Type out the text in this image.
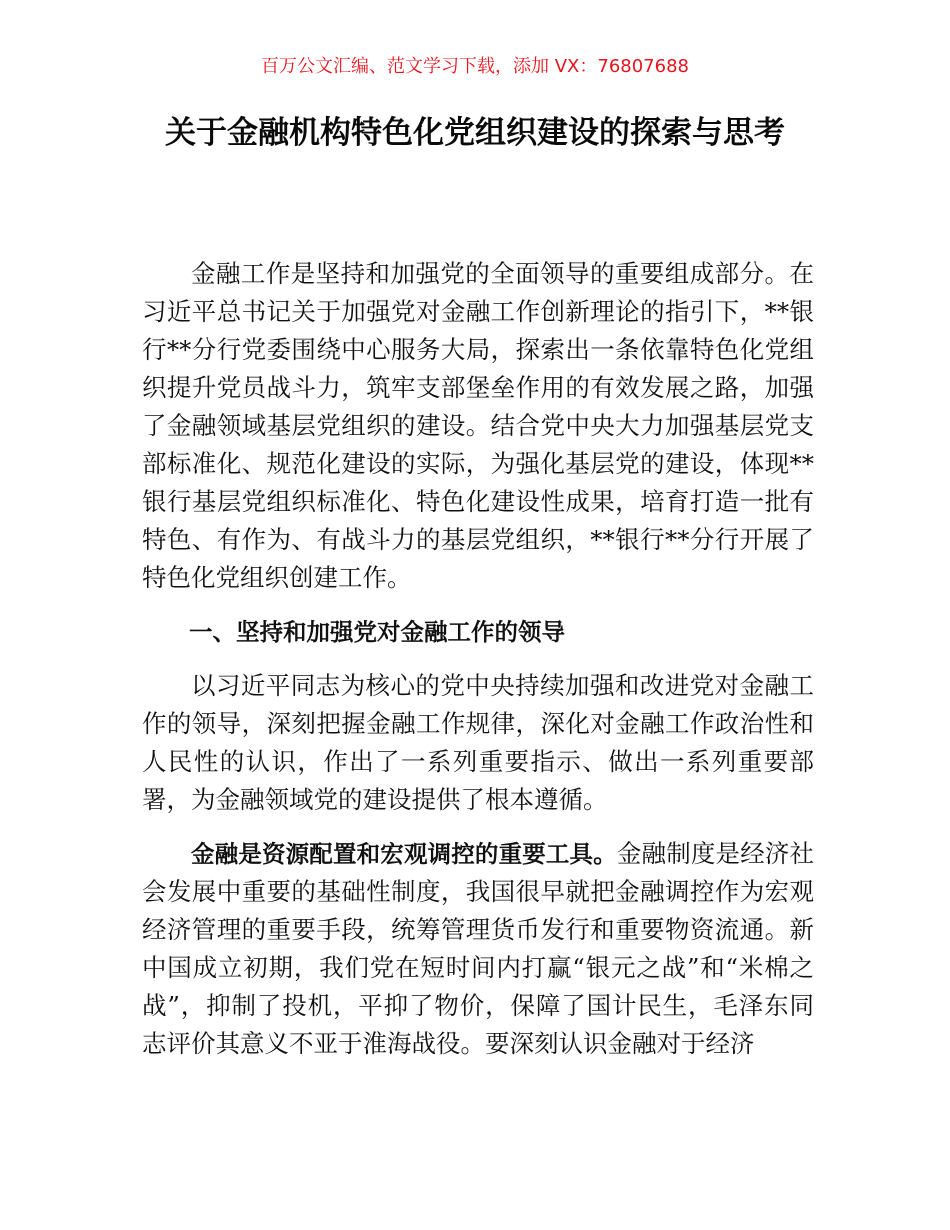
百万公文汇编、范文学习下载，添加 VX：76807688
关于金融机构特色化党组织建设的探索与思考

金融工作是坚持和加强党的全面领导的重要组成部分。在习近平总书记关于加强党对金融工作创新理论的指引下，**银行**分行党委围绕中心服务大局，探索出一条依靠特色化党组织提升党员战斗力，筑牢支部堡垒作用的有效发展之路，加强了金融领域基层党组织的建设。结合党中央大力加强基层党支部标准化、规范化建设的实际，为强化基层党的建设，体现**银行基层党组织标准化、特色化建设性成果，培育打造一批有特色、有作为、有战斗力的基层党组织，**银行**分行开展了特色化党组织创建工作。

一、坚持和加强党对金融工作的领导

以习近平同志为核心的党中央持续加强和改进党对金融工作的领导，深刻把握金融工作规律，深化对金融工作政治性和人民性的认识，作出了一系列重要指示、做出一系列重要部署，为金融领域党的建设提供了根本遵循。

金融是资源配置和宏观调控的重要工具。金融制度是经济社会发展中重要的基础性制度，我国很早就把金融调控作为宏观经济管理的重要手段，统筹管理货币发行和重要物资流通。新中国成立初期，我们党在短时间内打赢“银元之战”和“米棉之战”，抑制了投机，平抑了物价，保障了国计民生，毛泽东同志评价其意义不亚于淮海战役。要深刻认识金融对于经济
